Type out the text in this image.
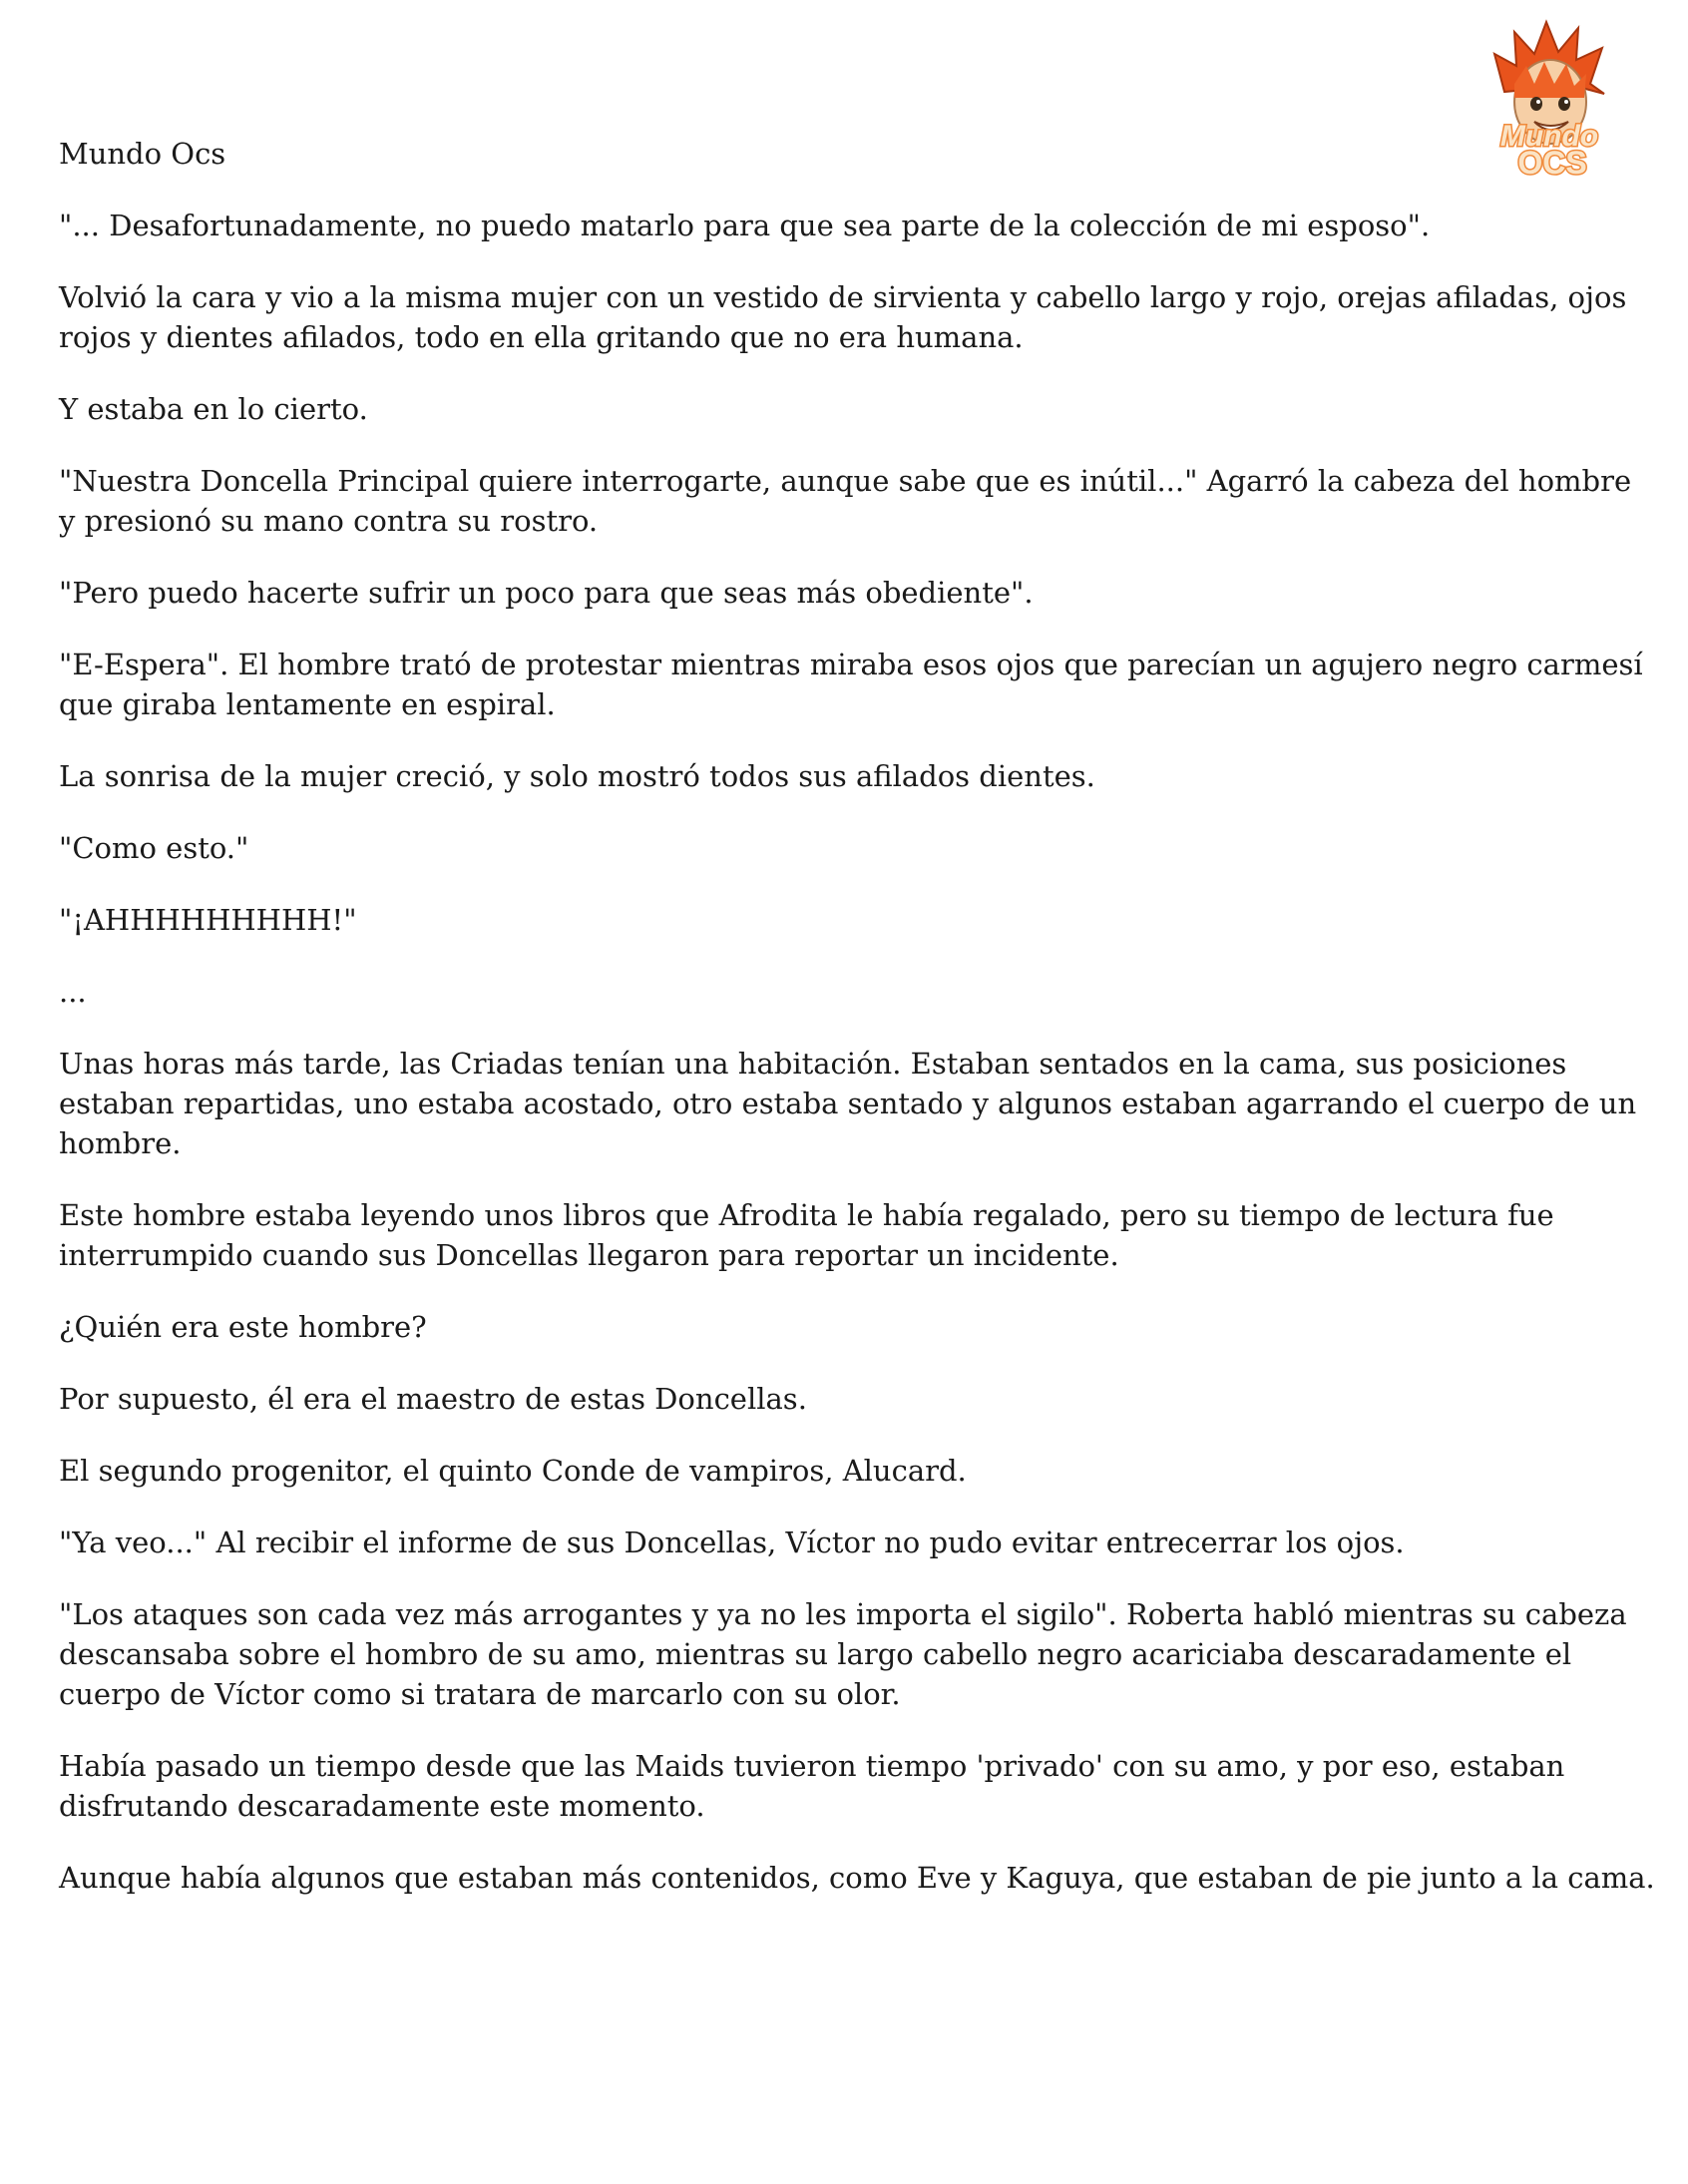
Mundo
OCS

Mundo Ocs

"... Desafortunadamente, no puedo matarlo para que sea parte de la colección de mi esposo".

Volvió la cara y vio a la misma mujer con un vestido de sirvienta y cabello largo y rojo, orejas afiladas, ojos rojos y dientes afilados, todo en ella gritando que no era humana.

Y estaba en lo cierto.

"Nuestra Doncella Principal quiere interrogarte, aunque sabe que es inútil..." Agarró la cabeza del hombre y presionó su mano contra su rostro.

"Pero puedo hacerte sufrir un poco para que seas más obediente".

"E-Espera". El hombre trató de protestar mientras miraba esos ojos que parecían un agujero negro carmesí que giraba lentamente en espiral.

La sonrisa de la mujer creció, y solo mostró todos sus afilados dientes.

"Como esto."

"¡AHHHHHHHHH!"

...

Unas horas más tarde, las Criadas tenían una habitación. Estaban sentados en la cama, sus posiciones estaban repartidas, uno estaba acostado, otro estaba sentado y algunos estaban agarrando el cuerpo de un hombre.

Este hombre estaba leyendo unos libros que Afrodita le había regalado, pero su tiempo de lectura fue interrumpido cuando sus Doncellas llegaron para reportar un incidente.

¿Quién era este hombre?

Por supuesto, él era el maestro de estas Doncellas.

El segundo progenitor, el quinto Conde de vampiros, Alucard.

"Ya veo..." Al recibir el informe de sus Doncellas, Víctor no pudo evitar entrecerrar los ojos.

"Los ataques son cada vez más arrogantes y ya no les importa el sigilo". Roberta habló mientras su cabeza descansaba sobre el hombro de su amo, mientras su largo cabello negro acariciaba descaradamente el cuerpo de Víctor como si tratara de marcarlo con su olor.

Había pasado un tiempo desde que las Maids tuvieron tiempo 'privado' con su amo, y por eso, estaban disfrutando descaradamente este momento.

Aunque había algunos que estaban más contenidos, como Eve y Kaguya, que estaban de pie junto a la cama.
